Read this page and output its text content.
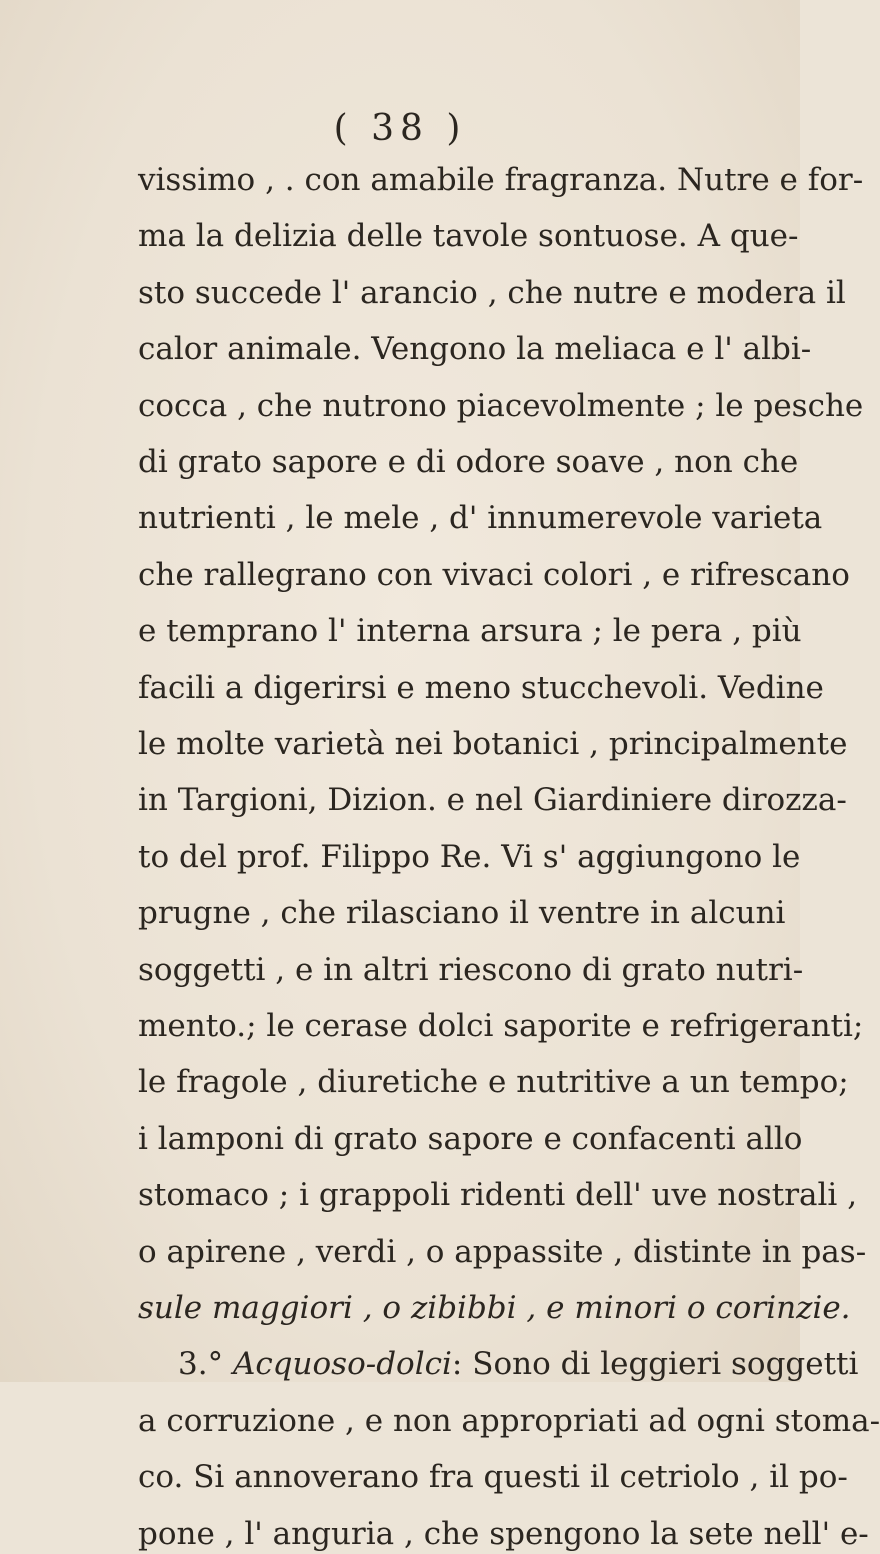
( 38 )
vissimo , . con amabile fragranza. Nutre e for-
ma la delizia delle tavole sontuose. A que-
sto succede l' arancio , che nutre e modera il
calor animale. Vengono la meliaca e l' albi-
cocca , che nutrono piacevolmente ; le pesche
di grato sapore e di odore soave , non che
nutrienti , le mele , d' innumerevole varieta
che rallegrano con vivaci colori , e rifrescano
e temprano l' interna arsura ; le pera , più
facili a digerirsi e meno stucchevoli. Vedine
le molte varietà nei botanici , principalmente
in Targioni, Dizion. e nel Giardiniere dirozza-
to del prof. Filippo Re. Vi s' aggiungono le
prugne , che rilasciano il ventre in alcuni
soggetti , e in altri riescono di grato nutri-
mento.; le cerase dolci saporite e refrigeranti;
le fragole , diuretiche e nutritive a un tempo;
i lamponi di grato sapore e confacenti allo
stomaco ; i grappoli ridenti dell' uve nostrali ,
o apirene , verdi , o appassite , distinte in pas-
sule maggiori , o zibibbi , e minori o corinzie.
3.° Acquoso-dolci: Sono di leggieri soggetti
a corruzione , e non appropriati ad ogni stoma-
co. Si annoverano fra questi il cetriolo , il po-
pone , l' anguria , che spengono la sete nell' e-
